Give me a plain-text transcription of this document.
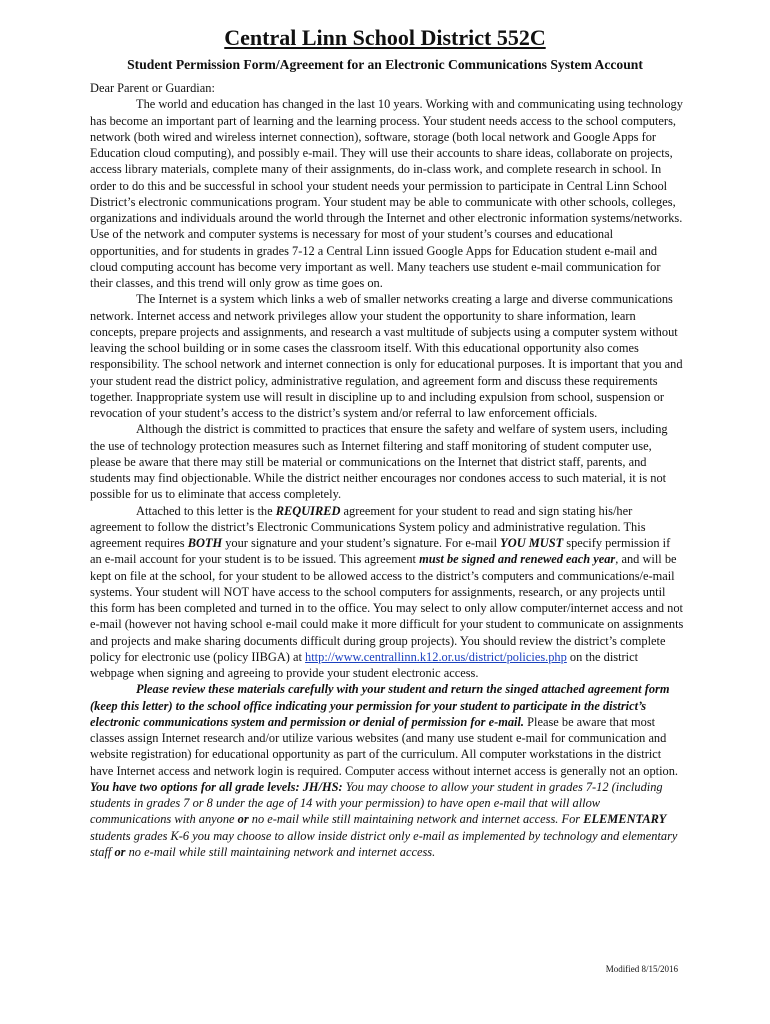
Central Linn School District 552C
Student Permission Form/Agreement for an Electronic Communications System Account

Dear Parent or Guardian:

The world and education has changed in the last 10 years. Working with and communicating using technology has become an important part of learning and the learning process. Your student needs access to the school computers, network (both wired and wireless internet connection), software, storage (both local network and Google Apps for Education cloud computing), and possibly e-mail. They will use their accounts to share ideas, collaborate on projects, access library materials, complete many of their assignments, do in-class work, and complete research in school. In order to do this and be successful in school your student needs your permission to participate in Central Linn School District’s electronic communications program. Your student may be able to communicate with other schools, colleges, organizations and individuals around the world through the Internet and other electronic information systems/networks. Use of the network and computer systems is necessary for most of your student’s courses and educational opportunities, and for students in grades 7-12 a Central Linn issued Google Apps for Education student e-mail and cloud computing account has become very important as well. Many teachers use student e-mail communication for their classes, and this trend will only grow as time goes on.

The Internet is a system which links a web of smaller networks creating a large and diverse communications network. Internet access and network privileges allow your student the opportunity to share information, learn concepts, prepare projects and assignments, and research a vast multitude of subjects using a computer system without leaving the school building or in some cases the classroom itself. With this educational opportunity also comes responsibility. The school network and internet connection is only for educational purposes. It is important that you and your student read the district policy, administrative regulation, and agreement form and discuss these requirements together. Inappropriate system use will result in discipline up to and including expulsion from school, suspension or revocation of your student’s access to the district’s system and/or referral to law enforcement officials.

Although the district is committed to practices that ensure the safety and welfare of system users, including the use of technology protection measures such as Internet filtering and staff monitoring of student computer use, please be aware that there may still be material or communications on the Internet that district staff, parents, and students may find objectionable. While the district neither encourages nor condones access to such material, it is not possible for us to eliminate that access completely.

Attached to this letter is the REQUIRED agreement for your student to read and sign stating his/her agreement to follow the district’s Electronic Communications System policy and administrative regulation. This agreement requires BOTH your signature and your student’s signature. For e-mail YOU MUST specify permission if an e-mail account for your student is to be issued. This agreement must be signed and renewed each year, and will be kept on file at the school, for your student to be allowed access to the district’s computers and communications/e-mail systems. Your student will NOT have access to the school computers for assignments, research, or any projects until this form has been completed and turned in to the office. You may select to only allow computer/internet access and not e-mail (however not having school e-mail could make it more difficult for your student to communicate on assignments and projects and make sharing documents difficult during group projects). You should review the district’s complete policy for electronic use (policy IIBGA) at http://www.centrallinn.k12.or.us/district/policies.php on the district webpage when signing and agreeing to provide your student electronic access.

Please review these materials carefully with your student and return the singed attached agreement form (keep this letter) to the school office indicating your permission for your student to participate in the district’s electronic communications system and permission or denial of permission for e-mail. Please be aware that most classes assign Internet research and/or utilize various websites (and many use student e-mail for communication and website registration) for educational opportunity as part of the curriculum. All computer workstations in the district have Internet access and network login is required. Computer access without internet access is generally not an option. You have two options for all grade levels: JH/HS: You may choose to allow your student in grades 7-12 (including students in grades 7 or 8 under the age of 14 with your permission) to have open e-mail that will allow communications with anyone or no e-mail while still maintaining network and internet access. For ELEMENTARY students grades K-6 you may choose to allow inside district only e-mail as implemented by technology and elementary staff or no e-mail while still maintaining network and internet access.

Modified 8/15/2016
